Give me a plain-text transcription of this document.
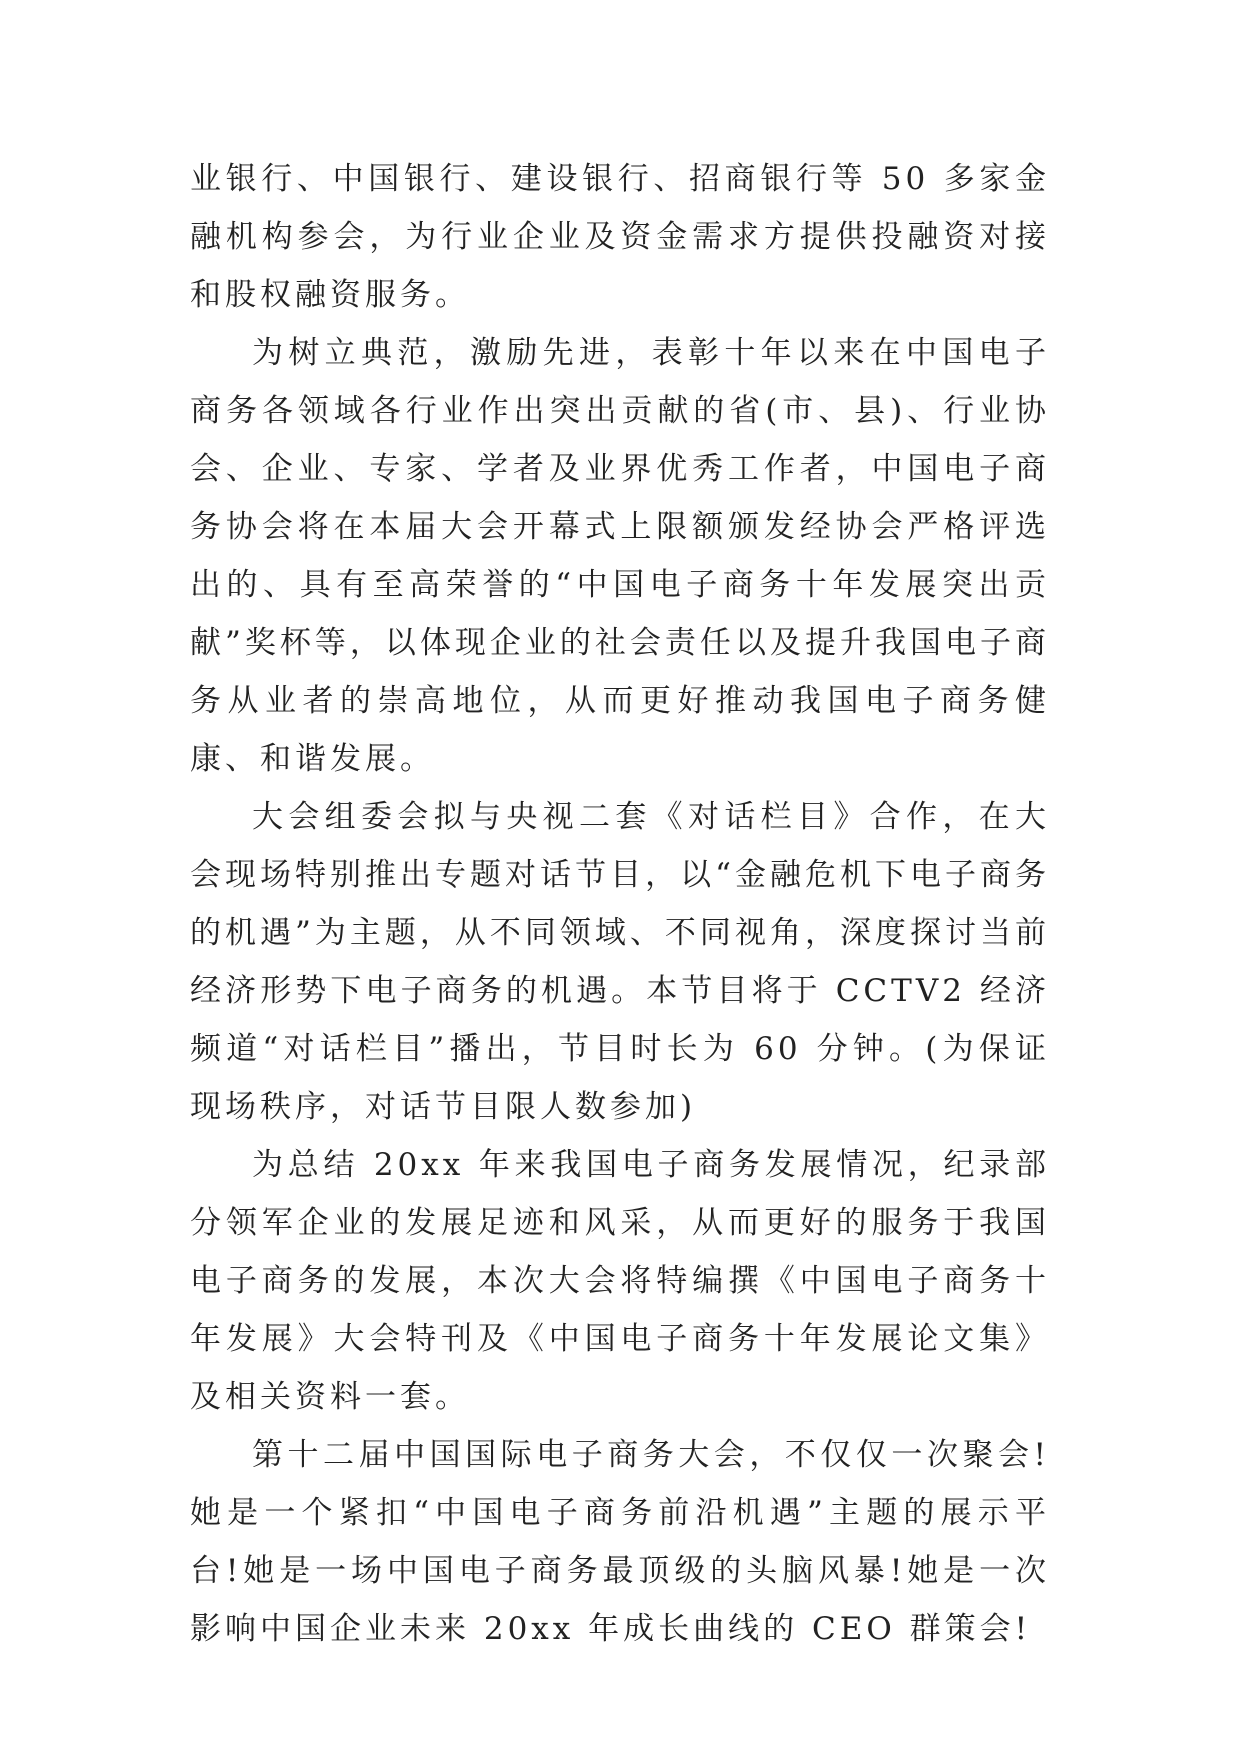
业银行、中国银行、建设银行、招商银行等 50 多家金融机构参会，为行业企业及资金需求方提供投融资对接和股权融资服务。

为树立典范，激励先进，表彰十年以来在中国电子商务各领域各行业作出突出贡献的省(市、县)、行业协会、企业、专家、学者及业界优秀工作者，中国电子商务协会将在本届大会开幕式上限额颁发经协会严格评选出的、具有至高荣誉的“中国电子商务十年发展突出贡献”奖杯等，以体现企业的社会责任以及提升我国电子商务从业者的崇高地位，从而更好推动我国电子商务健康、和谐发展。

大会组委会拟与央视二套《对话栏目》合作，在大会现场特别推出专题对话节目，以“金融危机下电子商务的机遇”为主题，从不同领域、不同视角，深度探讨当前经济形势下电子商务的机遇。本节目将于 CCTV2 经济频道“对话栏目”播出，节目时长为 60 分钟。(为保证现场秩序，对话节目限人数参加)

为总结 20xx 年来我国电子商务发展情况，纪录部分领军企业的发展足迹和风采，从而更好的服务于我国电子商务的发展，本次大会将特编撰《中国电子商务十年发展》大会特刊及《中国电子商务十年发展论文集》及相关资料一套。

第十二届中国国际电子商务大会，不仅仅一次聚会!她是一个紧扣“中国电子商务前沿机遇”主题的展示平台!她是一场中国电子商务最顶级的头脑风暴!她是一次影响中国企业未来 20xx 年成长曲线的 CEO 群策会!
